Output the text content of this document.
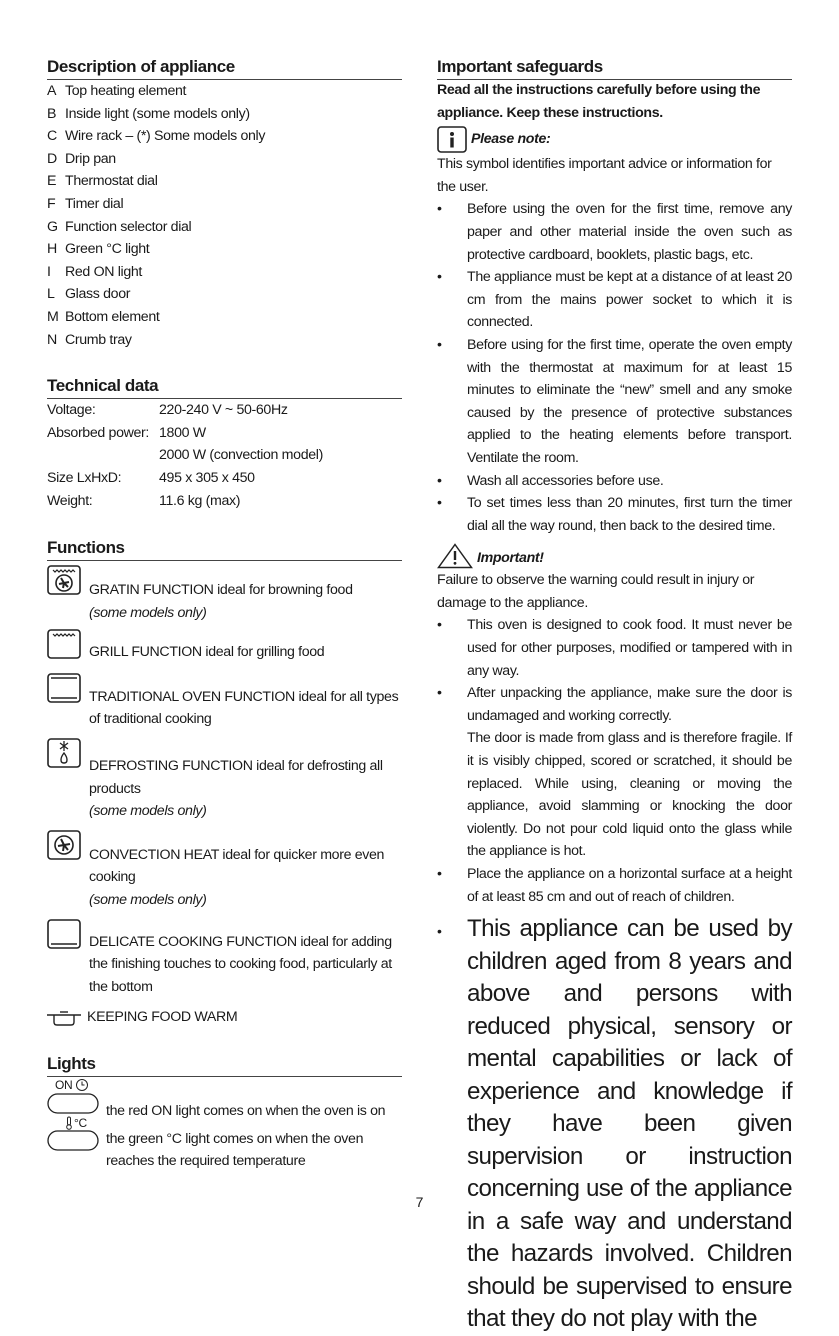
Description of appliance
A Top heating element
B Inside light (some models only)
C Wire rack – (*) Some models only
D Drip pan
E Thermostat dial
F Timer dial
G Function selector dial
H Green °C light
I	Red ON light
L Glass door
M Bottom element
N Crumb tray
Technical data
Voltage:	220-240 V ~ 50-60Hz
Absorbed power: 1800 W
2000 W (convection model)
Size LxHxD:	495 x 305 x 450
Weight:	11.6 kg (max)
Functions
GRATIN FUNCTION ideal for browning food
(some models only)
GRILL FUNCTION ideal for grilling food
TRADITIONAL OVEN FUNCTION ideal for all types of traditional cooking
DEFROSTING FUNCTION ideal for defrosting all products
(some models only)
CONVECTION HEAT ideal for quicker more even cooking
(some models only)
DELICATE COOKING FUNCTION ideal for adding the finishing touches to cooking food, particularly at the bottom
KEEPING FOOD WARM
Lights
ON
the red ON light comes on when the oven is on
°C
the green °C light comes on when the oven reaches the required temperature
Important safeguards
Read all the instructions carefully before using the appliance. Keep these instructions.
Please note:
This symbol identifies important advice or information for the user.
• Before using the oven for the first time, remove any paper and other material inside the oven such as protective cardboard, booklets, plastic bags, etc.
• The appliance must be kept at a distance of at least 20 cm from the mains power socket to which it is connected.
• Before using for the first time, operate the oven empty with the thermostat at maximum for at least 15 minutes to eliminate the “new” smell and any smoke caused by the presence of protective substances applied to the heating elements before transport. Ventilate the room.
• Wash all accessories before use.
• To set times less than 20 minutes, first turn the timer dial all the way round, then back to the desired time.
Important!
Failure to observe the warning could result in injury or damage to the appliance.
• This oven is designed to cook food. It must never be used for other purposes, modified or tampered with in any way.
• After unpacking the appliance, make sure the door is undamaged and working correctly.
The door is made from glass and is therefore fragile. If it is visibly chipped, scored or scratched, it should be replaced. While using, cleaning or moving the appliance, avoid slamming or knocking the door violently. Do not pour cold liquid onto the glass while the appliance is hot.
• Place the appliance on a horizontal surface at a height of at least 85 cm and out of reach of children.
• This appliance can be used by children aged from 8 years and above and persons with reduced physical, sensory or mental capabilities or lack of experience and knowledge if they have been given supervision or instruction concerning use of the appliance in a safe way and understand the hazards involved. Children should be supervised to ensure that they do not play with the
7
